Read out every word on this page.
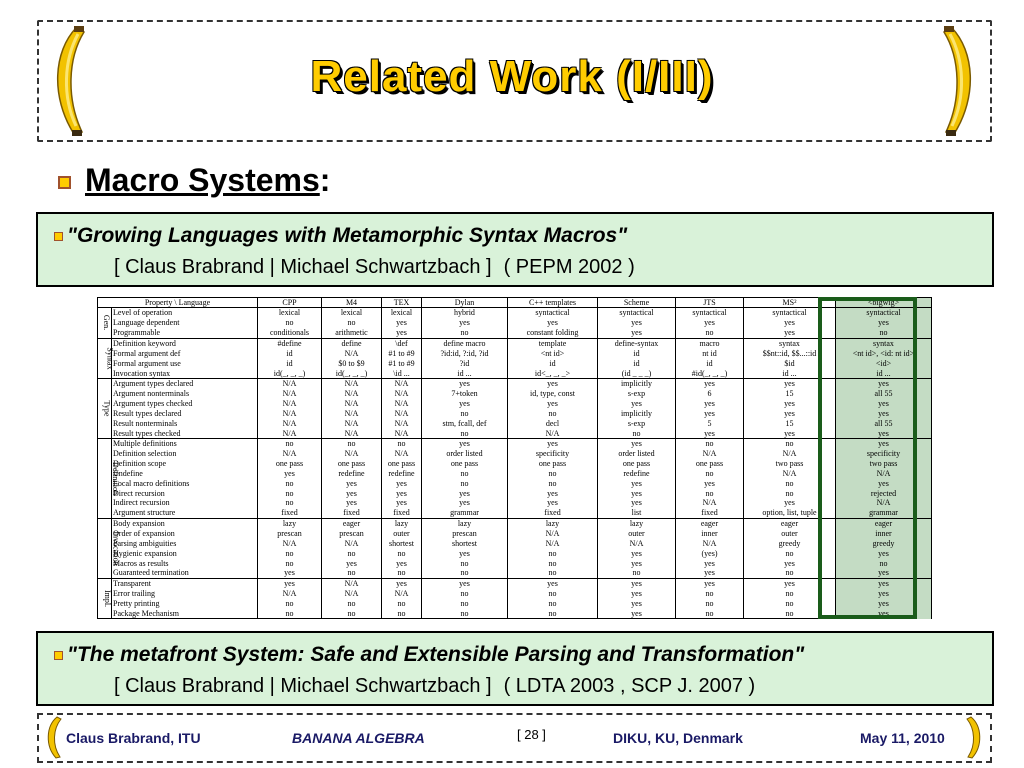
Related Work (I/III)
Macro Systems:
"Growing Languages with Metamorphic Syntax Macros"
[ Claus Brabrand | Michael Schwartzbach ] ( PEPM 2002 )
Property \ Language		CPP	M4	TEX	Dylan	C++ templates	Scheme	JTS	MS²	<bigwig>
Gen.	Level of operation	lexical	lexical	lexical	hybrid	syntactical	syntactical	syntactical	syntactical	syntactical
	Language dependent	no	no	yes	yes	yes	yes	yes	yes	yes
	Programmable	conditionals	arithmetic	yes	no	constant folding	yes	no	yes	no
Syntax	Definition keyword	#define	define	\def	define macro	template	define-syntax	macro	syntax	syntax
	Formal argument def	id	N/A	#1 to #9	?id:id, ?:id, ?id	<nt id>	id	nt id	$$nt::id, $$...::id	<nt id>, <id: nt id>
	Formal argument use	id	$0 to $9	#1 to #9	?id	id	id	id	$id	<id>
	Invocation syntax	id(_, _, _)	id(_, _, _)	\id ...	id ...	id<_, _, _>	(id _ _ _)	#id(_, _, _)	id ...	id ...
Type	Argument types declared	N/A	N/A	N/A	yes	yes	implicitly	yes	yes	yes
	Argument nonterminals	N/A	N/A	N/A	7+token	id, type, const	s-exp	6	15	all 55
	Argument types checked	N/A	N/A	N/A	yes	yes	yes	yes	yes	yes
	Result types declared	N/A	N/A	N/A	no	no	implicitly	yes	yes	yes
	Result nonterminals	N/A	N/A	N/A	stm, fcall, def	decl	s-exp	5	15	all 55
	Result types checked	N/A	N/A	N/A	no	N/A	no	yes	yes	yes
Definition	Multiple definitions	no	no	no	yes	yes	yes	no	no	yes
	Definition selection	N/A	N/A	N/A	order listed	specificity	order listed	N/A	N/A	specificity
	Definition scope	one pass	one pass	one pass	one pass	one pass	one pass	one pass	two pass	two pass
	Undefine	yes	redefine	redefine	no	no	redefine	no	N/A	N/A
	Local macro definitions	no	yes	yes	no	no	yes	yes	no	yes
	Direct recursion	no	yes	yes	yes	yes	yes	no	no	rejected
	Indirect recursion	no	yes	yes	yes	yes	yes	N/A	yes	N/A
	Argument structure	fixed	fixed	fixed	grammar	fixed	list	fixed	option, list, tuple	grammar
Invocation	Body expansion	lazy	eager	lazy	lazy	lazy	lazy	eager	eager	eager
	Order of expansion	prescan	prescan	outer	prescan	N/A	outer	inner	outer	inner
	Parsing ambiguities	N/A	N/A	shortest	shortest	N/A	N/A	N/A	greedy	greedy
	Hygienic expansion	no	no	no	yes	no	yes	(yes)	no	yes
	Macros as results	no	yes	yes	no	no	yes	yes	yes	no
	Guaranteed termination	yes	no	no	no	no	no	yes	no	yes
Impl.	Transparent	yes	N/A	yes	yes	yes	yes	yes	yes	yes
	Error trailing	N/A	N/A	N/A	no	no	yes	no	no	yes
	Pretty printing	no	no	no	no	no	yes	no	no	yes
	Package Mechanism	no	no	no	no	no	yes	no	no	yes
"The metafront System: Safe and Extensible Parsing and Transformation"
[ Claus Brabrand | Michael Schwartzbach ] ( LDTA 2003 , SCP J. 2007 )
Claus Brabrand, ITU	BANANA ALGEBRA	[ 28 ]	DIKU, KU, Denmark	May 11, 2010
